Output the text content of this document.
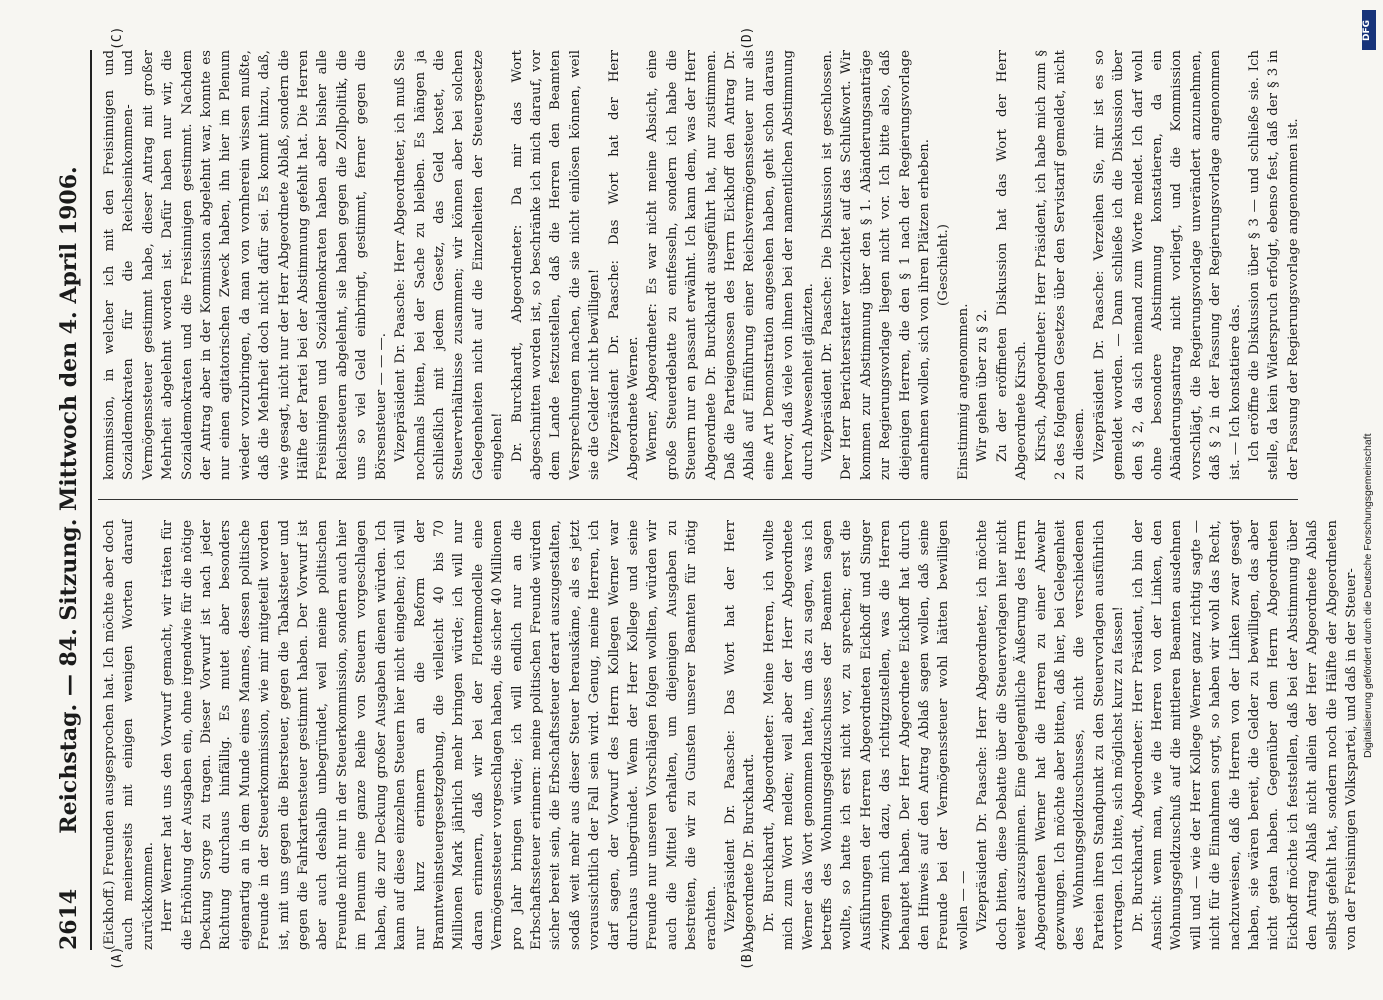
2614
Reichstag. — 84. Sitzung. Mittwoch den 4. April 1906.
(A)	(B)
(C)	(D)

(Eickhoff.) Freunden ausgesprochen hat. Ich möchte aber doch auch meinerseits mit einigen wenigen Worten darauf zurückkommen. Herr Werner hat uns den Vorwurf gemacht, wir träten für die Erhöhung der Ausgaben ein, ohne irgendwie für die nötige Deckung Sorge zu tragen. Dieser Vorwurf ist nach jeder Richtung durchaus hinfällig. Es mutet aber besonders eigenartig an in dem Munde eines Mannes, dessen politische Freunde in der Steuerkommission, wie mir mitgeteilt worden ist, mit uns gegen die Biersteuer, gegen die Tabaksteuer und gegen die Fahrkartensteuer gestimmt haben. Der Vorwurf ist aber auch deshalb unbegründet, weil meine politischen Freunde nicht nur in der Steuerkommission, sondern auch hier im Plenum eine ganze Reihe von Steuern vorgeschlagen haben, die zur Deckung großer Ausgaben dienen würden. Ich kann auf diese einzelnen Steuern hier nicht eingehen; ich will nur kurz erinnern an die Reform der Branntweinsteuergesetzgebung, die vielleicht 40 bis 70 Millionen Mark jährlich mehr bringen würde; ich will nur daran erinnern, daß wir bei der Flottenmodelle eine Vermögenssteuer vorgeschlagen haben, die sicher 40 Millionen pro Jahr bringen würde; ich will endlich nur an die Erbschaftssteuer erinnern: meine politischen Freunde würden sicher bereit sein, die Erbschaftssteuer derart auszugestalten, sodaß weit mehr aus dieser Steuer herauskäme, als es jetzt voraussichtlich der Fall sein wird. Genug, meine Herren, ich darf sagen, der Vorwurf des Herrn Kollegen Werner war durchaus unbegründet. Wenn der Herr Kollege und seine Freunde nur unseren Vorschlägen folgen wollten, würden wir auch die Mittel erhalten, um diejenigen Ausgaben zu bestreiten, die wir zu Gunsten unserer Beamten für nötig erachten. Vizepräsident Dr. Paasche: Das Wort hat der Herr Abgeordnete Dr. Burckhardt. Dr. Burckhardt, Abgeordneter: Meine Herren, ich wollte mich zum Wort melden; weil aber der Herr Abgeordnete Werner das Wort genommen hatte, um das zu sagen, was ich betreffs des Wohnungsgeldzuschusses der Beamten sagen wollte, so hatte ich erst nicht vor, zu sprechen; erst die Ausführungen der Herren Abgeordneten Eickhoff und Singer zwingen mich dazu, das richtigzustellen, was die Herren behauptet haben. Der Herr Abgeordnete Eickhoff hat durch den Hinweis auf den Antrag Ablaß sagen wollen, daß seine Freunde bei der Vermögenssteuer wohl hätten bewilligen wollen — — Vizepräsident Dr. Paasche: Herr Abgeordneter, ich möchte doch bitten, diese Debatte über die Steuervorlagen hier nicht weiter auszuspinnen. Eine gelegentliche Äußerung des Herrn Abgeordneten Werner hat die Herren zu einer Abwehr gezwungen. Ich möchte aber bitten, daß hier, bei Gelegenheit des Wohnungsgeldzuschusses, nicht die verschiedenen Parteien ihren Standpunkt zu den Steuervorlagen ausführlich vortragen. Ich bitte, sich möglichst kurz zu fassen! Dr. Burckhardt, Abgeordneter: Herr Präsident, ich bin der Ansicht: wenn man, wie die Herren von der Linken, den Wohnungsgeldzuschuß auf die mittleren Beamten ausdehnen will und — wie der Herr Kollege Werner ganz richtig sagte — nicht für die Einnahmen sorgt, so haben wir wohl das Recht, nachzuweisen, daß die Herren von der Linken zwar gesagt haben, sie wären bereit, die Gelder zu bewilligen, das aber nicht getan haben. Gegenüber dem Herrn Abgeordneten Eickhoff möchte ich feststellen, daß bei der Abstimmung über den Antrag Ablaß nicht allein der Herr Abgeordnete Ablaß selbst gefehlt hat, sondern noch die Hälfte der Abgeordneten von der Freisinnigen Volkspartei, und daß in der Steuer-

kommission, in welcher ich mit den Freisinnigen und Sozialdemokraten für die Reichseinkommen- und Vermögenssteuer gestimmt habe, dieser Antrag mit großer Mehrheit abgelehnt worden ist. Dafür haben nur wir, die Sozialdemokraten und die Freisinnigen gestimmt. Nachdem der Antrag aber in der Kommission abgelehnt war, konnte es nur einen agitatorischen Zweck haben, ihn hier im Plenum wieder vorzubringen, da man von vornherein wissen mußte, daß die Mehrheit doch nicht dafür sei. Es kommt hinzu, daß, wie gesagt, nicht nur der Herr Abgeordnete Ablaß, sondern die Hälfte der Partei bei der Abstimmung gefehlt hat. Die Herren Freisinnigen und Sozialdemokraten haben aber bisher alle Reichssteuern abgelehnt, sie haben gegen die Zollpolitik, die uns so viel Geld einbringt, gestimmt, ferner gegen die Börsensteuer — — —. Vizepräsident Dr. Paasche: Herr Abgeordneter, ich muß Sie nochmals bitten, bei der Sache zu bleiben. Es hängen ja schließlich mit jedem Gesetz, das Geld kostet, die Steuerverhältnisse zusammen; wir können aber bei solchen Gelegenheiten nicht auf die Einzelheiten der Steuergesetze eingehen! Dr. Burckhardt, Abgeordneter: Da mir das Wort abgeschnitten worden ist, so beschränke ich mich darauf, vor dem Lande festzustellen, daß die Herren den Beamten Versprechungen machen, die sie nicht einlösen können, weil sie die Gelder nicht bewilligen! Vizepräsident Dr. Paasche: Das Wort hat der Herr Abgeordnete Werner. Werner, Abgeordneter: Es war nicht meine Absicht, eine große Steuerdebatte zu entfesseln, sondern ich habe die Steuern nur en passant erwähnt. Ich kann dem, was der Herr Abgeordnete Dr. Burckhardt ausgeführt hat, nur zustimmen. Daß die Parteigenossen des Herrn Eickhoff den Antrag Dr. Ablaß auf Einführung einer Reichsvermögenssteuer nur als eine Art Demonstration angesehen haben, geht schon daraus hervor, daß viele von ihnen bei der namentlichen Abstimmung durch Abwesenheit glänzten. Vizepräsident Dr. Paasche: Die Diskussion ist geschlossen. Der Herr Berichterstatter verzichtet auf das Schlußwort. Wir kommen zur Abstimmung über den § 1. Abänderungsanträge zur Regierungsvorlage liegen nicht vor. Ich bitte also, daß diejenigen Herren, die den § 1 nach der Regierungsvorlage annehmen wollen, sich von ihren Plätzen erheben. (Geschieht.)

Einstimmig angenommen. Wir gehen über zu § 2. Zu der eröffneten Diskussion hat das Wort der Herr Abgeordnete Kirsch. Kirsch, Abgeordneter: Herr Präsident, ich habe mich zum § 2 des folgenden Gesetzes über den Servistarif gemeldet, nicht zu diesem. Vizepräsident Dr. Paasche: Verzeihen Sie, mir ist es so gemeldet worden. — Dann schließe ich die Diskussion über den § 2, da sich niemand zum Worte meldet. Ich darf wohl ohne besondere Abstimmung konstatieren, da ein Abänderungsantrag nicht vorliegt, und die Kommission vorschlägt, die Regierungsvorlage unverändert anzunehmen, daß § 2 in der Fassung der Regierungsvorlage angenommen ist. — Ich konstatiere das. Ich eröffne die Diskussion über § 3 — und schließe sie. Ich stelle, da kein Widerspruch erfolgt, ebenso fest, daß der § 3 in der Fassung der Regierungsvorlage angenommen ist.

DFG
Digitalisierung gefördert durch die Deutsche Forschungsgemeinschaft
